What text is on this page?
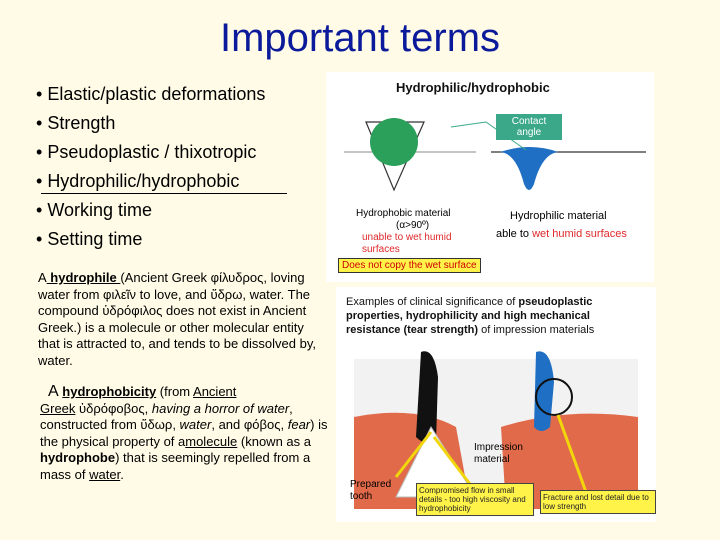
Important terms
• Elastic/plastic deformations
• Strength
• Pseudoplastic / thixotropic
• Hydrophilic/hydrophobic
• Working time
• Setting time
A hydrophile (Ancient Greek φίλυδρος, loving water from φιλεῖν to love, and ὕδρω, water. The compound ὑδρόφιλος does not exist in Ancient Greek.) is a molecule or other molecular entity that is attracted to, and tends to be dissolved by, water.
A hydrophobicity (from Ancient
Greek ὑδρόφοβος, having a horror of water, constructed from ὕδωρ, water, and φόβος, fear) is the physical property of amolecule (known as a hydrophobe) that is seemingly repelled from a mass of water.
Hydrophilic/hydrophobic
Contact angle
Hydrophobic material
(α>90º)
unable to wet humid surfaces
Hydrophilic material
able to wet humid surfaces
Does not copy the wet surface
Examples of clinical significance of pseudoplastic properties, hydrophilicity and high mechanical resistance (tear strength) of impression materials
Impression material
Prepared tooth
Compromised flow in small details - too high viscosity and hydrophobicity
Fracture and lost detail due to low strength
